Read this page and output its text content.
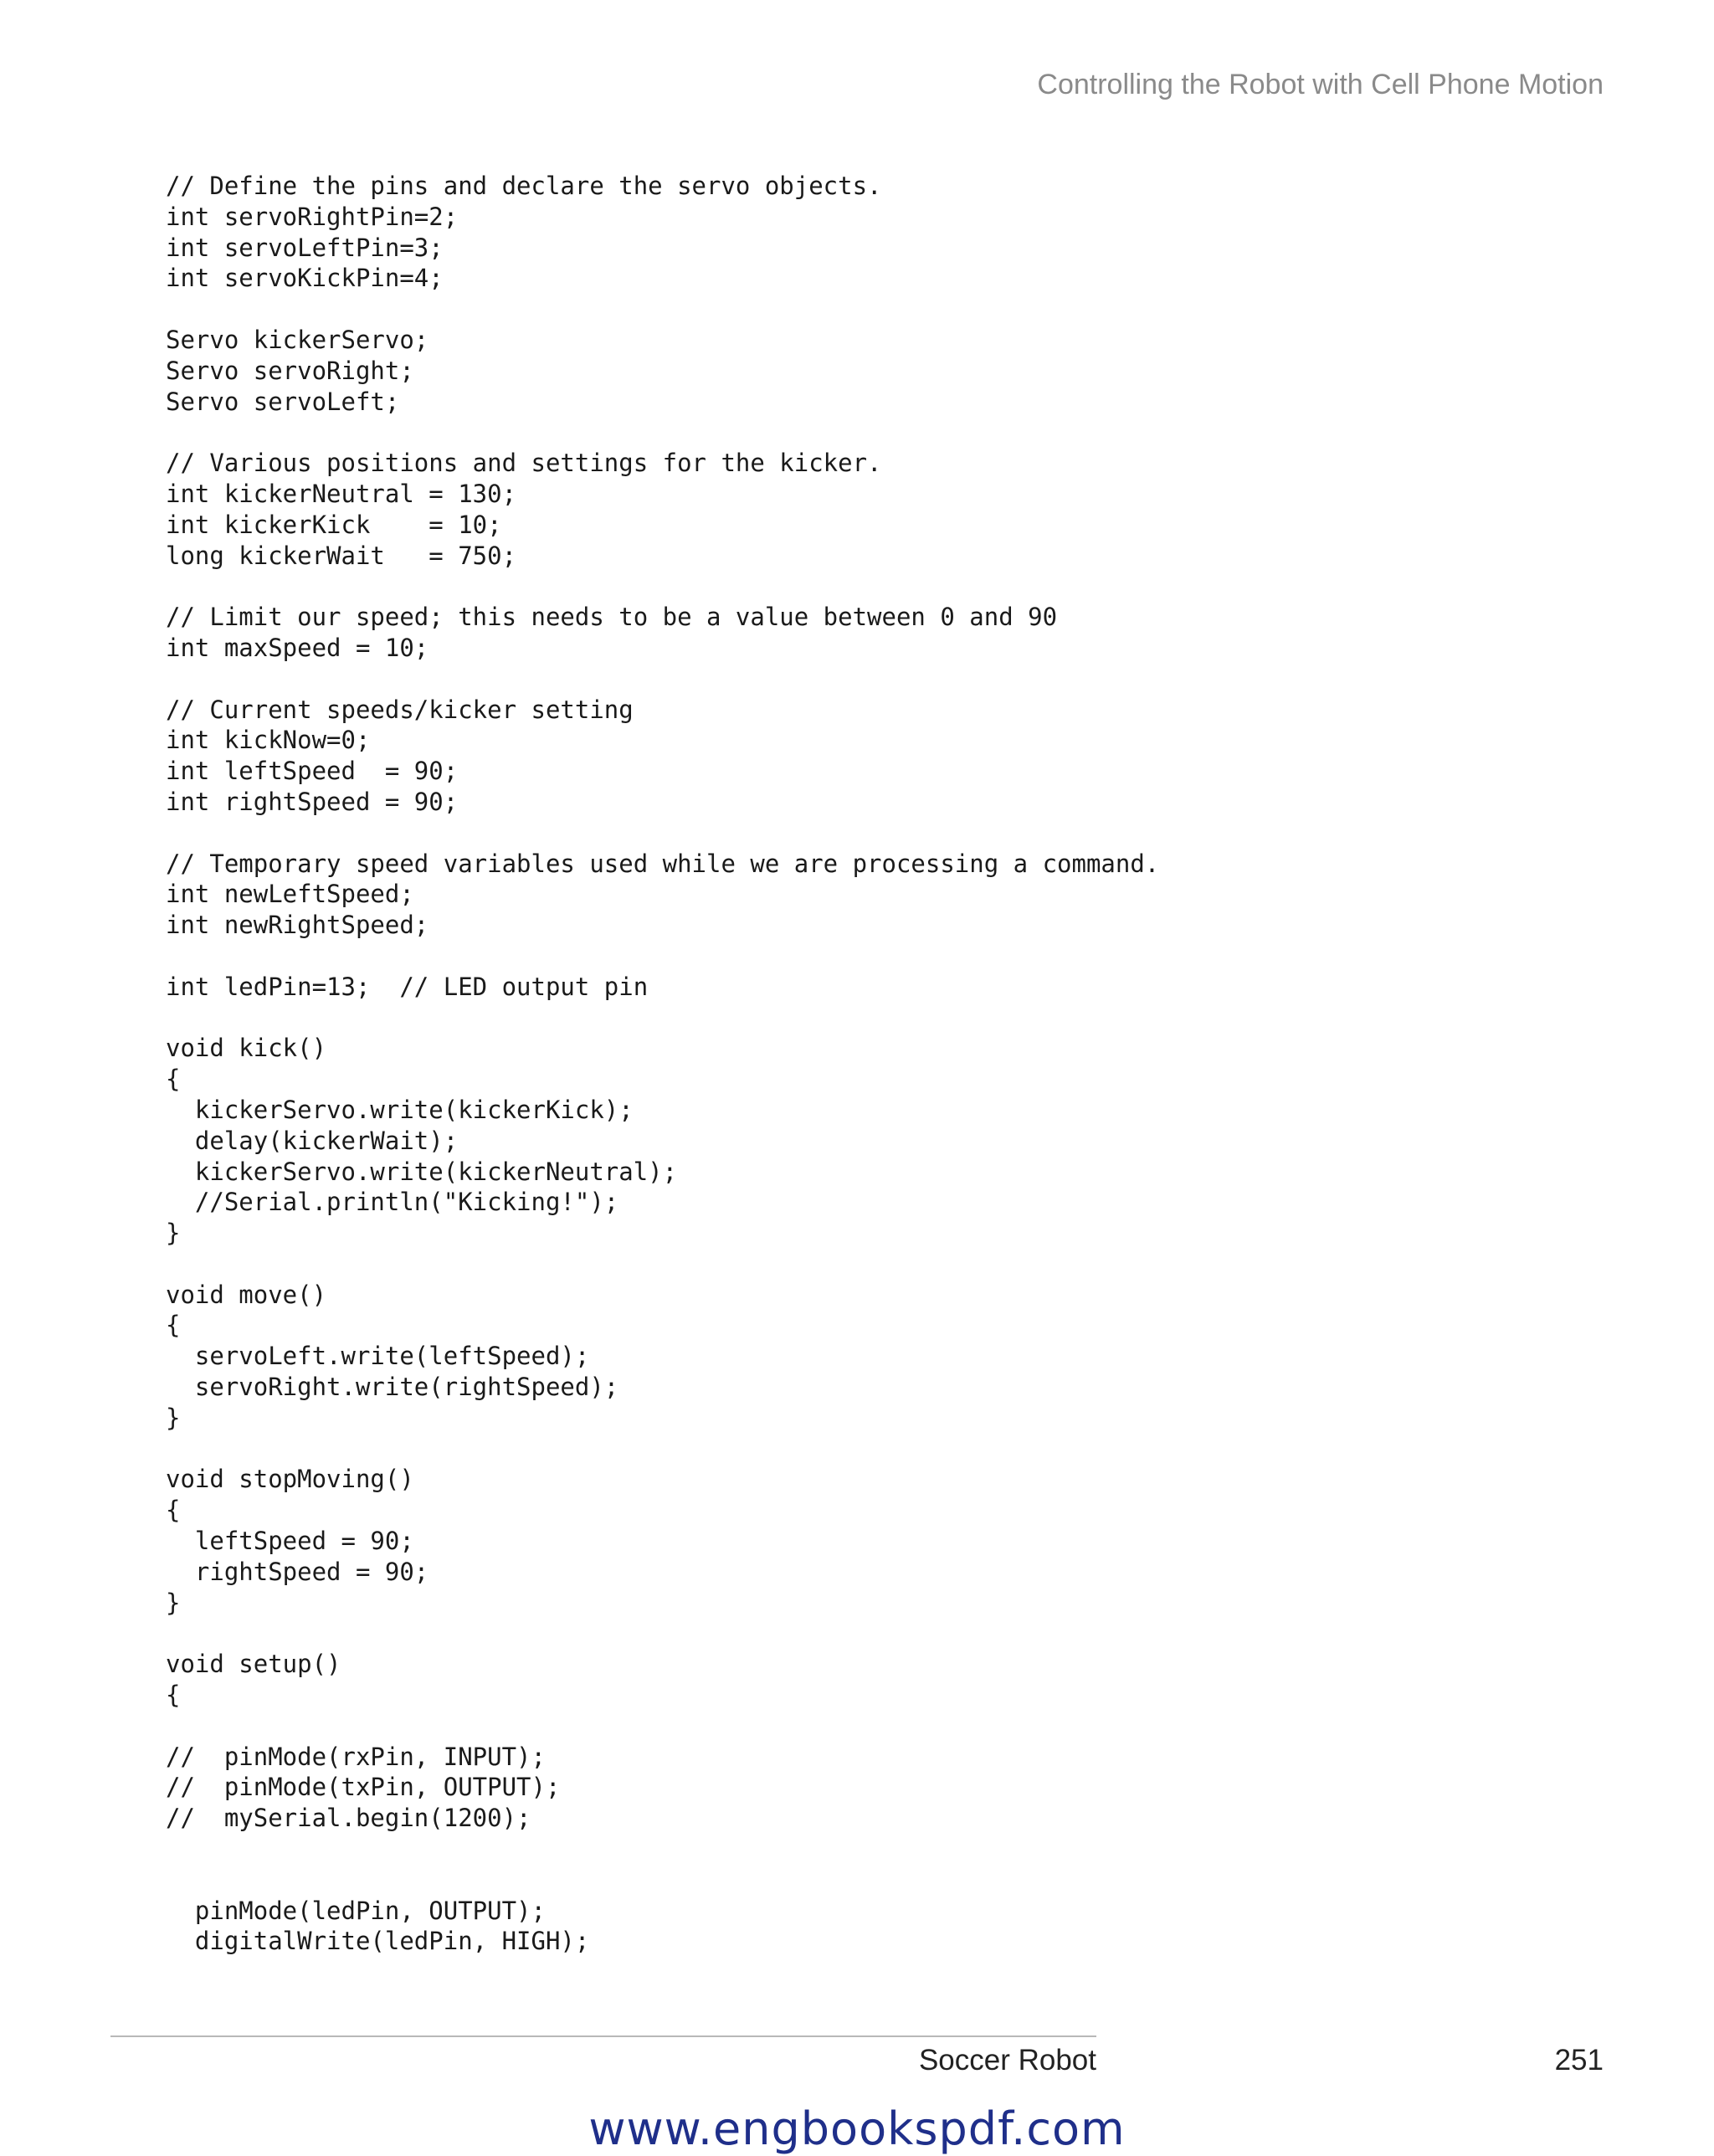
Controlling the Robot with Cell Phone Motion
// Define the pins and declare the servo objects.
int servoRightPin=2;
int servoLeftPin=3;
int servoKickPin=4;
Servo kickerServo;
Servo servoRight;
Servo servoLeft;
// Various positions and settings for the kicker.
int kickerNeutral = 130;
int kickerKick    = 10;
long kickerWait   = 750;
// Limit our speed; this needs to be a value between 0 and 90
int maxSpeed = 10;
// Current speeds/kicker setting
int kickNow=0;
int leftSpeed  = 90;
int rightSpeed = 90;
// Temporary speed variables used while we are processing a command.
int newLeftSpeed;
int newRightSpeed;
int ledPin=13;  // LED output pin
void kick()
{
kickerServo.write(kickerKick);
delay(kickerWait);
kickerServo.write(kickerNeutral);
//Serial.println("Kicking!");
}
void move()
{
servoLeft.write(leftSpeed);
servoRight.write(rightSpeed);
}
void stopMoving()
{
leftSpeed = 90;
rightSpeed = 90;
}
void setup()
{
//  pinMode(rxPin, INPUT);
//  pinMode(txPin, OUTPUT);
//  mySerial.begin(1200);
pinMode(ledPin, OUTPUT);
digitalWrite(ledPin, HIGH);
Soccer Robot	251
www.engbookspdf.com
